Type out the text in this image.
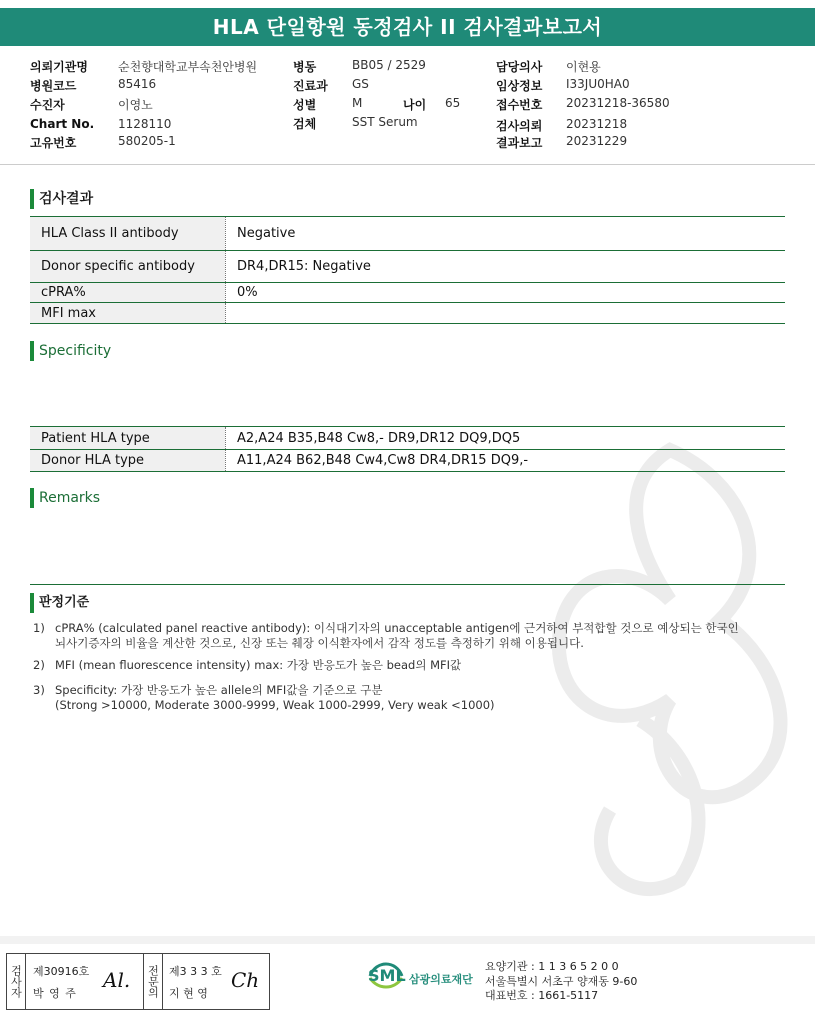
HLA 단일항원 동정검사 II 검사결과보고서
의뢰기관명	순천향대학교부속천안병원
병원코드	85416
수진자	이영노
Chart No. 1128110
고유번호	580205-1
병동	BB05 / 2529
진료과 GS
성별	M	나이 65
검체	SST Serum
담당의사 이현용
임상정보 I33JU0HA0
접수번호 20231218-36580
검사의뢰 20231218
결과보고 20231229
검사결과
HLA Class II antibody	Negative
Donor specific antibody	DR4,DR15: Negative
cPRA%	0%
MFI max
Specificity
Patient HLA type	A2,A24 B35,B48 Cw8,- DR9,DR12 DQ9,DQ5
Donor HLA type	A11,A24 B62,B48 Cw4,Cw8 DR4,DR15 DQ9,-
Remarks
판정기준
1) cPRA% (calculated panel reactive antibody): 이식대기자의 unacceptable antigen에 근거하여 부적합할 것으로 예상되는 한국인
뇌사기증자의 비율을 계산한 것으로, 신장 또는 췌장 이식환자에서 감작 정도를 측정하기 위해 이용됩니다.
2) MFI (mean fluorescence intensity) max: 가장 반응도가 높은 bead의 MFI값
3) Specificity: 가장 반응도가 높은 allele의 MFI값을 기준으로 구분
(Strong >10000, Moderate 3000-9999, Weak 1000-2999, Very weak <1000)
검사자 제30916호
박 영 주
Al. 전문의 제3 3 3 호
지 현 영
Ch	SML 삼광의료재단
요양기관 : 1 1 3 6 5 2 0 0
서울특별시 서초구 양재동 9-60
대표번호 : 1661-5117
